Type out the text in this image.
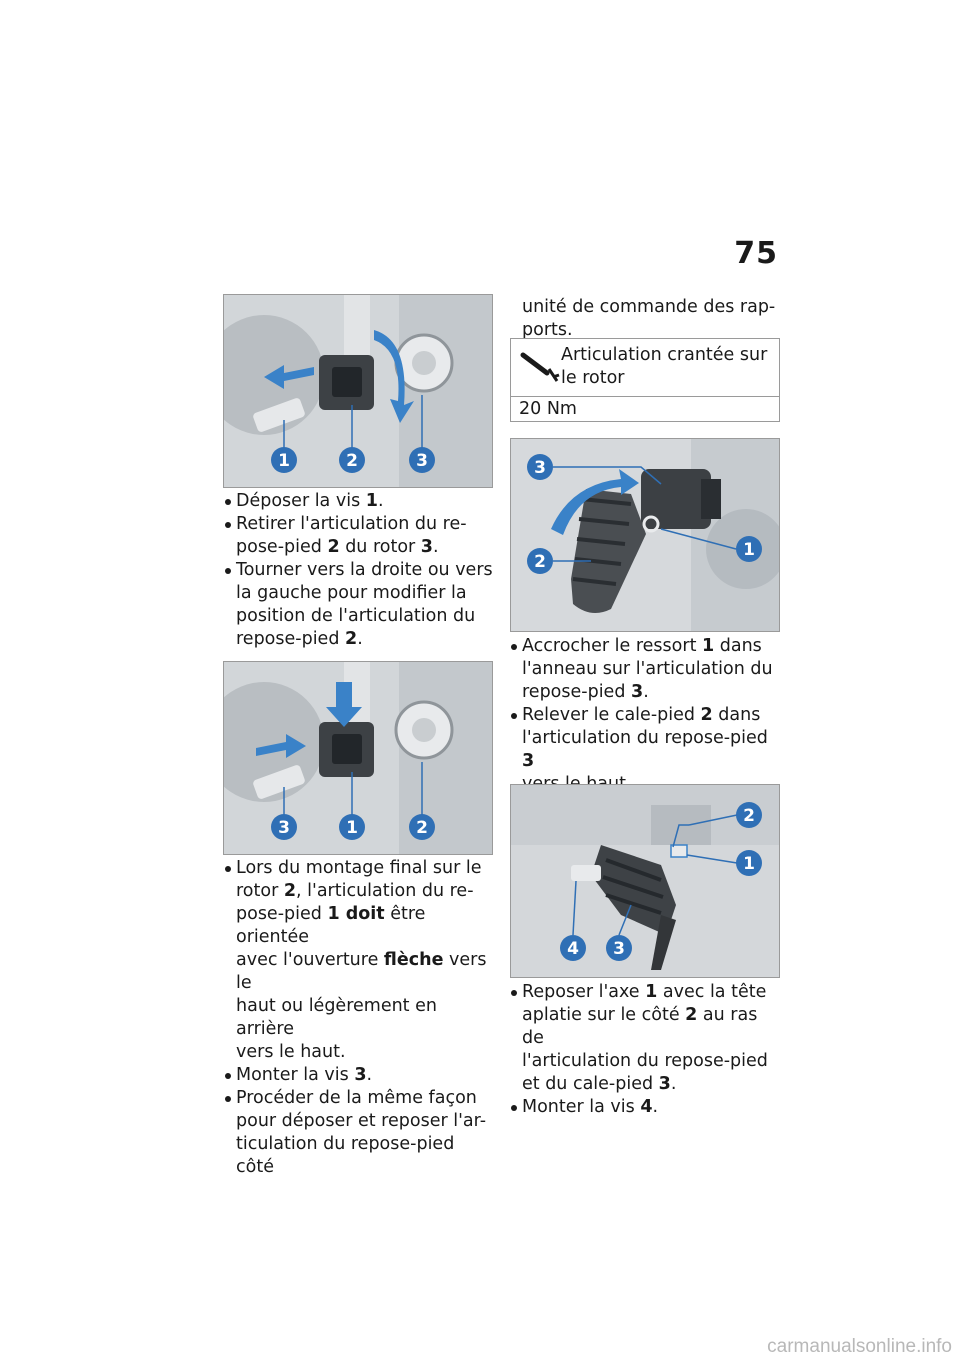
75
1	2	3
Déposer la vis 1.
Retirer l'articulation du re-
pose-pied 2 du rotor 3.
Tourner vers la droite ou vers
la gauche pour modifier la
position de l'articulation du
repose-pied 2.
3	1	2
Lors du montage final sur le
rotor 2, l'articulation du re-
pose-pied 1 doit être orientée
avec l'ouverture flèche vers le
haut ou légèrement en arrière
vers le haut.
Monter la vis 3.
Procéder de la même façon
pour déposer et reposer l'ar-
ticulation du repose-pied côté
unité de commande des rap-
ports.
Articulation crantée sur
le rotor
20 Nm
3
2
1
Accrocher le ressort 1 dans
l'anneau sur l'articulation du
repose-pied 3.
Relever le cale-pied 2 dans
l'articulation du repose-pied 3
2
1
4 3
Reposer l'axe 1 avec la tête
aplatie sur le côté 2 au ras de
l'articulation du repose-pied
et du cale-pied 3.
Monter la vis 4.
carmanualsonline.info
